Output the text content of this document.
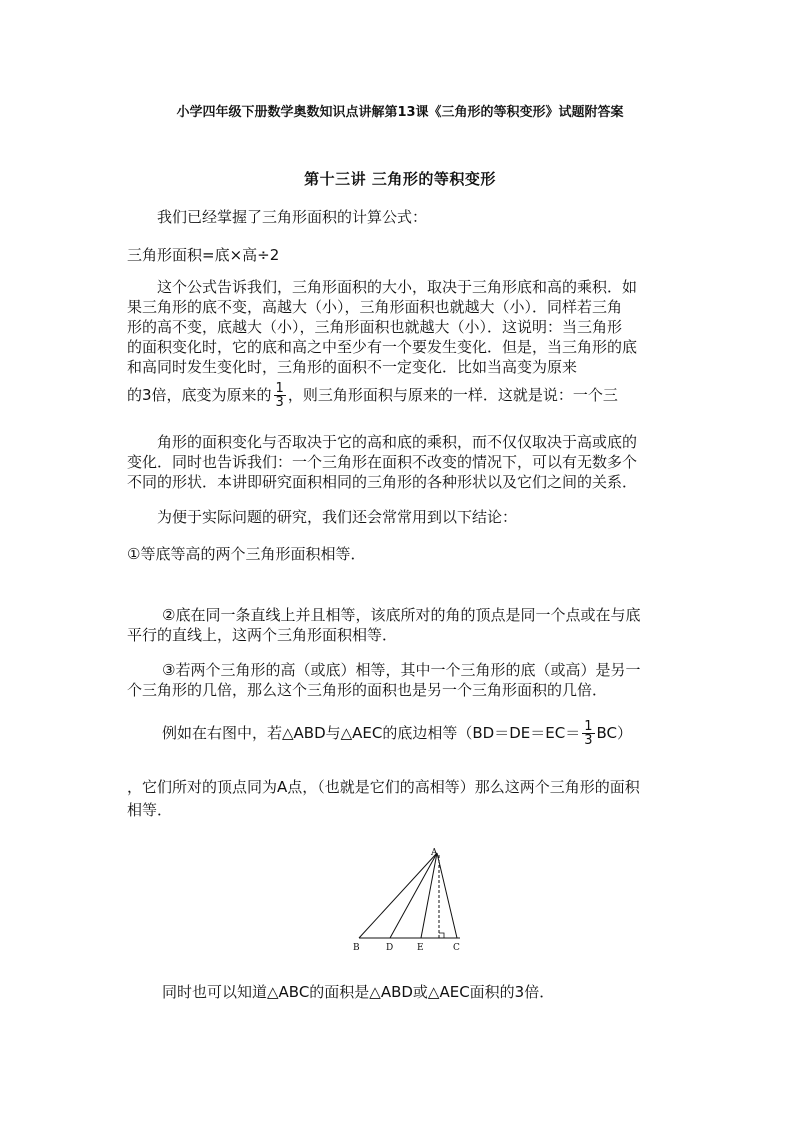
小学四年级下册数学奥数知识点讲解第13课《三角形的等积变形》试题附答案
第十三讲 三角形的等积变形
我们已经掌握了三角形面积的计算公式：
三角形面积=底×高÷2
这个公式告诉我们，三角形面积的大小，取决于三角形底和高的乘积．如
果三角形的底不变，高越大（小），三角形面积也就越大（小）．同样若三角
形的高不变，底越大（小），三角形面积也就越大（小）．这说明：当三角形
的面积变化时，它的底和高之中至少有一个要发生变化．但是，当三角形的底
和高同时发生变化时，三角形的面积不一定变化．比如当高变为原来
的3倍，底变为原来的 $\frac{1}{3}$ ，则三角形面积与原来的一样．这就是说：一个三
角形的面积变化与否取决于它的高和底的乘积，而不仅仅取决于高或底的
变化．同时也告诉我们：一个三角形在面积不改变的情况下，可以有无数多个
不同的形状．本讲即研究面积相同的三角形的各种形状以及它们之间的关系．
为便于实际问题的研究，我们还会常常用到以下结论：
①等底等高的两个三角形面积相等．
②底在同一条直线上并且相等，该底所对的角的顶点是同一个点或在与底
平行的直线上，这两个三角形面积相等．
③若两个三角形的高（或底）相等，其中一个三角形的底（或高）是另一
个三角形的几倍，那么这个三角形的面积也是另一个三角形面积的几倍．
例如在右图中，若△ABD与△AEC的底边相等$(BD=DE=EC= \frac{1}{3} BC)$
，它们所对的顶点同为A点，（也就是它们的高相等）那么这两个三角形的面积
相等．
A
B	D	E	C
同时也可以知道△ABC的面积是△ABD或△AEC面积的3倍．
